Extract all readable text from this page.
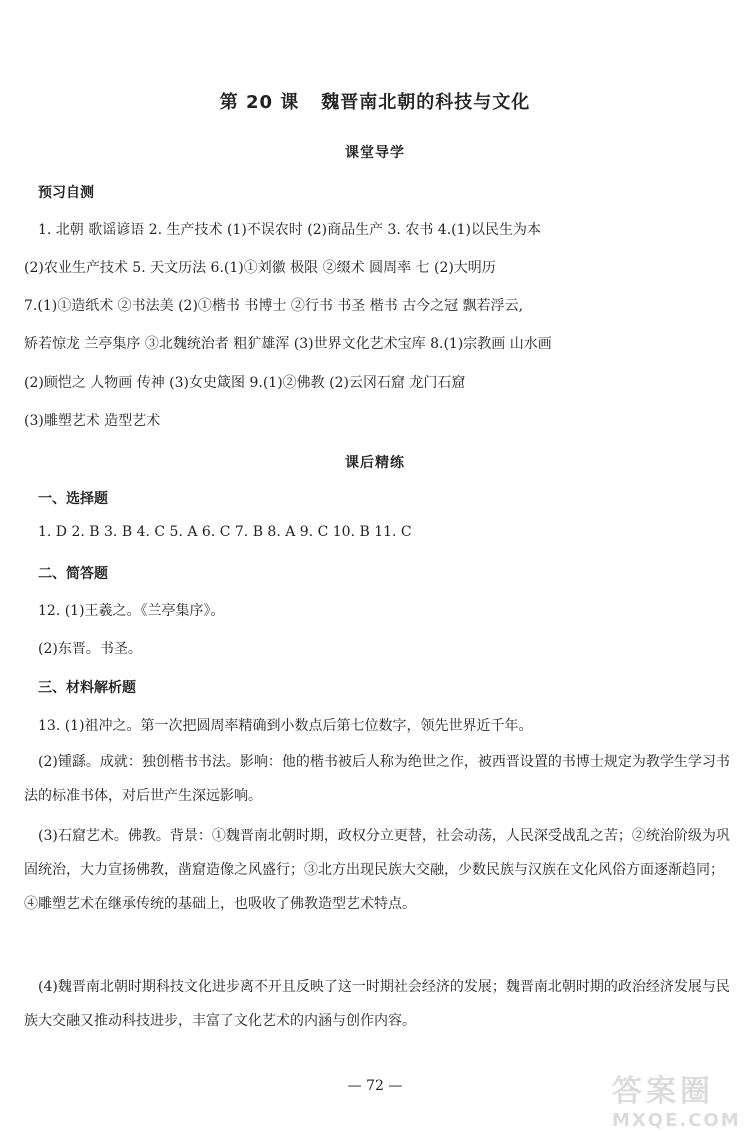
第 20 课 魏晋南北朝的科技与文化
课堂导学
预习自测
1. 北朝 歌谣谚语 2. 生产技术 (1)不误农时 (2)商品生产 3. 农书 4.(1)以民生为本
(2)农业生产技术 5. 天文历法 6.(1)①刘徽 极限 ②缀术 圆周率 七 (2)大明历
7.(1)①造纸术 ②书法美 (2)①楷书 书博士 ②行书 书圣 楷书 古今之冠 飘若浮云,
矫若惊龙 兰亭集序 ③北魏统治者 粗犷雄浑 (3)世界文化艺术宝库 8.(1)宗教画 山水画
(2)顾恺之 人物画 传神 (3)女史箴图 9.(1)②佛教 (2)云冈石窟 龙门石窟
(3)雕塑艺术 造型艺术
课后精练
一、选择题
1. D 2. B 3. B 4. C 5. A 6. C 7. B 8. A 9. C 10. B 11. C
二、简答题
12. (1)王羲之。《兰亭集序》。
(2)东晋。书圣。
三、材料解析题
13. (1)祖冲之。第一次把圆周率精确到小数点后第七位数字，领先世界近千年。
(2)锺繇。成就：独创楷书书法。影响：他的楷书被后人称为绝世之作，被西晋设置的书博士规定为教学生学习书法的标准书体，对后世产生深远影响。
(3)石窟艺术。佛教。背景：①魏晋南北朝时期，政权分立更替，社会动荡，人民深受战乱之苦；②统治阶级为巩固统治，大力宣扬佛教，凿窟造像之风盛行；③北方出现民族大交融，少数民族与汉族在文化风俗方面逐渐趋同；④雕塑艺术在继承传统的基础上，也吸收了佛教造型艺术特点。
(4)魏晋南北朝时期科技文化进步离不开且反映了这一时期社会经济的发展；魏晋南北朝时期的政治经济发展与民族大交融又推动科技进步，丰富了文化艺术的内涵与创作内容。
— 72 —	答案圈
MXQE.COM
